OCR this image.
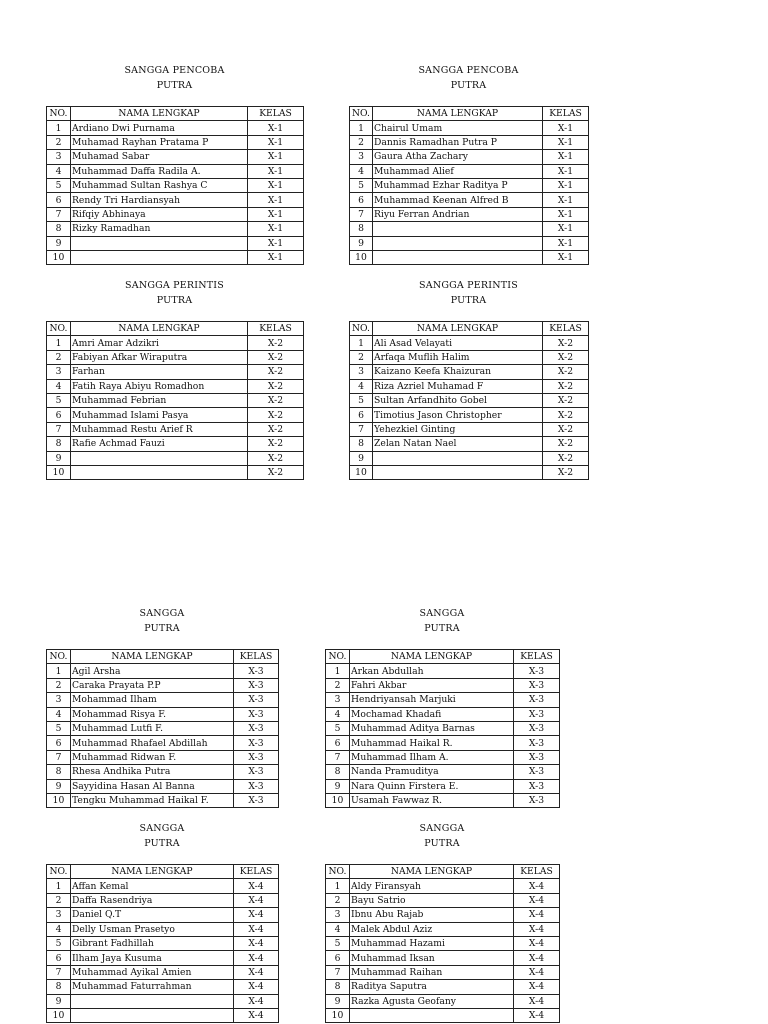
SANGGA PENCOBA
PUTRA
NO.	NAMA LENGKAP	KELAS
1	Ardiano Dwi Purnama	X-1
2	Muhamad Rayhan Pratama P	X-1
3	Muhamad Sabar	X-1
4	Muhammad Daffa Radila A.	X-1
5	Muhammad Sultan Rashya C	X-1
6	Rendy Tri Hardiansyah	X-1
7	Rifqiy Abhinaya	X-1
8	Rizky Ramadhan	X-1
9		X-1
10		X-1
SANGGA PENCOBA
PUTRA
NO.	NAMA LENGKAP	KELAS
1	Chairul Umam	X-1
2	Dannis Ramadhan Putra P	X-1
3	Gaura Atha Zachary	X-1
4	Muhammad Alief	X-1
5	Muhammad Ezhar Raditya P	X-1
6	Muhammad Keenan Alfred B	X-1
7	Riyu Ferran Andrian	X-1
8		X-1
9		X-1
10		X-1
SANGGA PERINTIS
PUTRA
NO.	NAMA LENGKAP	KELAS
1	Amri Amar Adzikri	X-2
2	Fabiyan Afkar Wiraputra	X-2
3	Farhan	X-2
4	Fatih Raya Abiyu Romadhon	X-2
5	Muhammad Febrian	X-2
6	Muhammad Islami Pasya	X-2
7	Muhammad Restu Arief R	X-2
8	Rafie Achmad Fauzi	X-2
9		X-2
10		X-2
SANGGA PERINTIS
PUTRA
NO.	NAMA LENGKAP	KELAS
1	Ali Asad Velayati	X-2
2	Arfaqa Muflih Halim	X-2
3	Kaizano Keefa Khaizuran	X-2
4	Riza Azriel Muhamad F	X-2
5	Sultan Arfandhito Gobel	X-2
6	Timotius Jason Christopher	X-2
7	Yehezkiel Ginting	X-2
8	Zelan Natan Nael	X-2
9		X-2
10		X-2
SANGGA
PUTRA
NO.	NAMA LENGKAP	KELAS
1	Agil Arsha	X-3
2	Caraka Prayata P.P	X-3
3	Mohammad Ilham	X-3
4	Mohammad Risya F.	X-3
5	Muhammad Lutfi F.	X-3
6	Muhammad Rhafael Abdillah	X-3
7	Muhammad Ridwan F.	X-3
8	Rhesa Andhika Putra	X-3
9	Sayyidina Hasan Al Banna	X-3
10	Tengku Muhammad Haikal F.	X-3
SANGGA
PUTRA
NO.	NAMA LENGKAP	KELAS
1	Arkan Abdullah	X-3
2	Fahri Akbar	X-3
3	Hendriyansah Marjuki	X-3
4	Mochamad Khadafi	X-3
5	Muhammad Aditya Barnas	X-3
6	Muhammad Haikal R.	X-3
7	Muhammad Ilham A.	X-3
8	Nanda Pramuditya	X-3
9	Nara Quinn Firstera E.	X-3
10	Usamah Fawwaz R.	X-3
SANGGA
PUTRA
NO.	NAMA LENGKAP	KELAS
1	Affan Kemal	X-4
2	Daffa Rasendriya	X-4
3	Daniel Q.T	X-4
4	Delly Usman Prasetyo	X-4
5	Gibrant Fadhillah	X-4
6	Ilham Jaya Kusuma	X-4
7	Muhammad Ayikal Amien	X-4
8	Muhammad Faturrahman	X-4
9		X-4
10		X-4
SANGGA
PUTRA
NO.	NAMA LENGKAP	KELAS
1	Aldy Firansyah	X-4
2	Bayu Satrio	X-4
3	Ibnu Abu Rajab	X-4
4	Malek Abdul Aziz	X-4
5	Muhammad Hazami	X-4
6	Muhammad Iksan	X-4
7	Muhammad Raihan	X-4
8	Raditya Saputra	X-4
9	Razka Agusta Geofany	X-4
10		X-4
